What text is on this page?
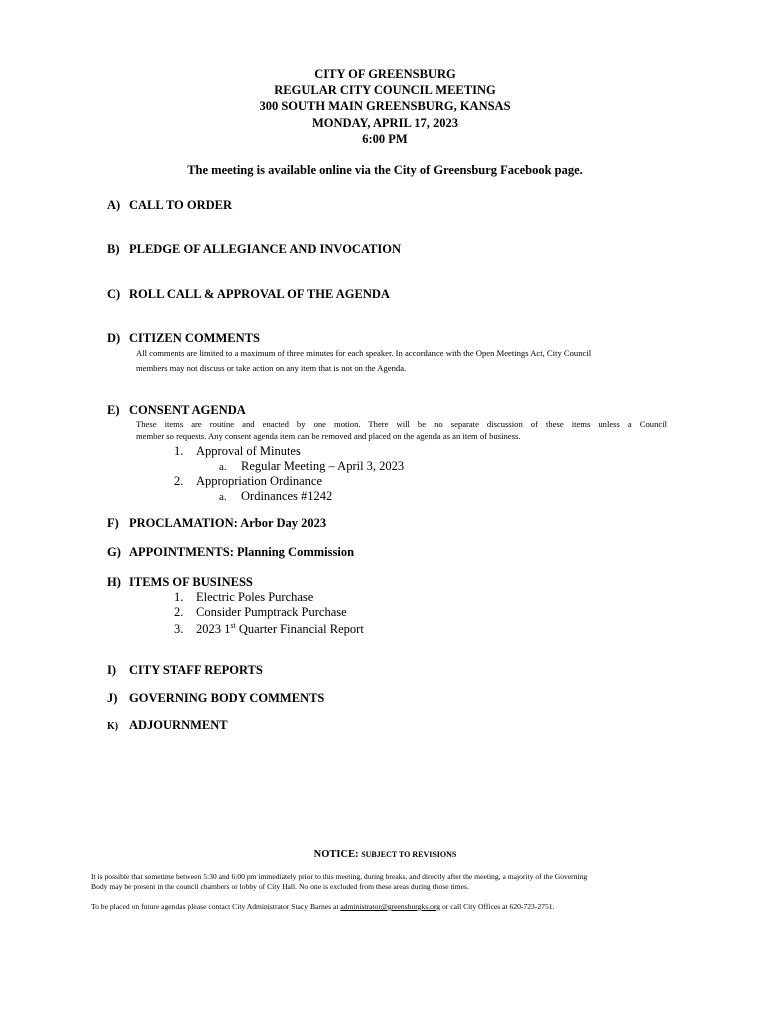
CITY OF GREENSBURG
REGULAR CITY COUNCIL MEETING
300 SOUTH MAIN GREENSBURG, KANSAS
MONDAY, APRIL 17, 2023
6:00 PM
The meeting is available online via the City of Greensburg Facebook page.
A) CALL TO ORDER
B) PLEDGE OF ALLEGIANCE AND INVOCATION
C) ROLL CALL & APPROVAL OF THE AGENDA
D) CITIZEN COMMENTS
All comments are limited to a maximum of three minutes for each speaker. In accordance with the Open Meetings Act, City Council
members may not discuss or take action on any item that is not on the Agenda.
E) CONSENT AGENDA
These items are routine and enacted by one motion. There will be no separate discussion of these items unless a Council
member so requests. Any consent agenda item can be removed and placed on the agenda as an item of business.
1. Approval of Minutes
a. Regular Meeting – April 3, 2023
2. Appropriation Ordinance
a. Ordinances #1242
F) PROCLAMATION: Arbor Day 2023
G) APPOINTMENTS: Planning Commission
H) ITEMS OF BUSINESS
1. Electric Poles Purchase
2. Consider Pumptrack Purchase
3. 2023 1st Quarter Financial Report
I) CITY STAFF REPORTS
J) GOVERNING BODY COMMENTS
K) ADJOURNMENT
NOTICE: SUBJECT TO REVISIONS
It is possible that sometime between 5:30 and 6:00 pm immediately prior to this meeting, during breaks, and directly after the meeting, a majority of the Governing
Body may be present in the council chambers or lobby of City Hall. No one is excluded from these areas during those times.
To be placed on future agendas please contact City Administrator Stacy Barnes at administrator@greensburgks.org or call City Offices at 620-723-2751.
